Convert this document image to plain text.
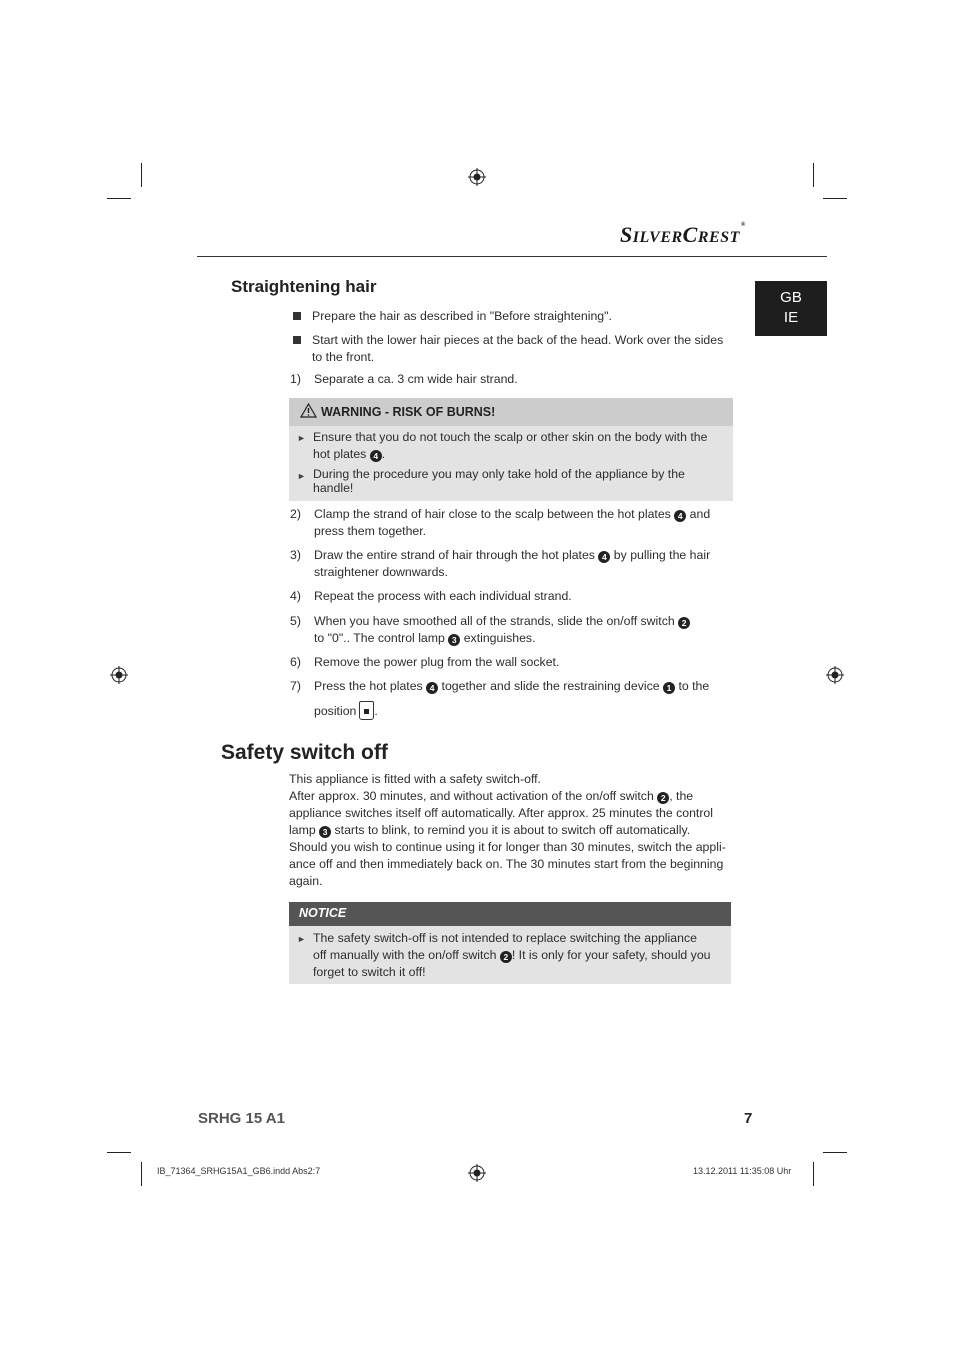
SILVERCREST®
GB
IE
Straightening hair
Prepare the hair as described in "Before straightening".
Start with the lower hair pieces at the back of the head. Work over the sides
to the front.
1) Separate a ca. 3 cm wide hair strand.
WARNING - RISK OF BURNS!
► Ensure that you do not touch the scalp or other skin on the body with the
hot plates 4 .
► During the procedure you may only take hold of the appliance by the
handle!
2) Clamp the strand of hair close to the scalp between the hot plates 4 and
press them together.
3) Draw the entire strand of hair through the hot plates 4 by pulling the hair
straightener downwards.
4) Repeat the process with each individual strand.
5) When you have smoothed all of the strands, slide the on/off switch 2
to "0".. The control lamp 3 extinguishes.
6) Remove the power plug from the wall socket.
7) Press the hot plates 4 together and slide the restraining device 1 to the
position .
Safety switch off
This appliance is fitted with a safety switch-off.
After approx. 30 minutes, and without activation of the on/off switch 2 , the
appliance switches itself off automatically. After approx. 25 minutes the control
lamp 3 starts to blink, to remind you it is about to switch off automatically.
Should you wish to continue using it for longer than 30 minutes, switch the appli-
ance off and then immediately back on. The 30 minutes start from the beginning
again.
NOTICE
► The safety switch-off is not intended to replace switching the appliance
off manually with the on/off switch 2 ! It is only for your safety, should you
forget to switch it off!
SRHG 15 A1	7
IB_71364_SRHG15A1_GB6.indd Abs2:7	13.12.2011 11:35:08 Uhr
